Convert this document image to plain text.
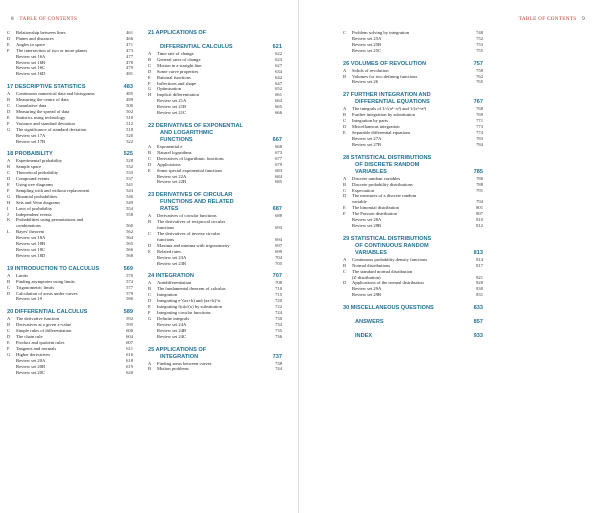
8 TABLE OF CONTENTS
C	Relationship between lines	461
D	Planes and distances	466
E	Angles in space	471
F	The intersection of two or more planes	473
Review set 16A	477
Review set 16B	478
Review set 16C	479
Review set 16D	481
17 DESCRIPTIVE STATISTICS	483
A	Continuous numerical data and histograms	485
B	Measuring the centre of data	489
C	Cumulative data	500
D	Measuring the spread of data	502
E	Statistics using technology	510
F	Variance and standard deviation	512
G	The significance of standard deviation	518
Review set 17A	520
Review set 17B	522
18 PROBABILITY	525
A	Experimental probability	528
B	Sample space	532
C	Theoretical probability	533
D	Compound events	537
E	Using tree diagrams	541
F	Sampling with and without replacement	543
G	Binomial probabilities	546
H	Sets and Venn diagrams	549
I	Laws of probability	554
J	Independent events	558
K	Probabilities using permutations and
combinations	560
L	Bayes' theorem	562
Review set 18A	564
Review set 18B	565
Review set 18C	566
Review set 18D	568
19 INTRODUCTION TO CALCULUS	569
A	Limits	570
B	Finding asymptotes using limits	574
C	Trigonometric limits	577
D	Calculation of areas under curves	579
Review set 19	586
20 DIFFERENTIAL CALCULUS	589
A	The derivative function	592
B	Derivatives at a given x-value	595
C	Simple rules of differentiation	600
D	The chain rule	604
E	Product and quotient rules	607
F	Tangents and normals	611
G	Higher derivatives	616
Review set 20A	618
Review set 20B	619
Review set 20C	620
21 APPLICATIONS OF
DIFFERENTIAL CALCULUS	621
A	Time rate of change	622
B	General rates of change	623
C	Motion in a straight line	627
D	Some curve properties	634
E	Rational functions	642
F	Inflections and shape	647
G	Optimisation	652
H	Implicit differentiation	661
Review set 21A	664
Review set 21B	665
Review set 21C	666
22 DERIVATIVES OF EXPONENTIAL
AND LOGARITHMIC
FUNCTIONS	667
A	Exponential e	668
B	Natural logarithms	673
C	Derivatives of logarithmic functions	677
D	Applications	679
E	Some special exponential functions	683
Review set 22A	684
Review set 22B	685
23 DERIVATIVES OF CIRCULAR
FUNCTIONS AND RELATED
RATES	687
A	Derivatives of circular functions	688
B	The derivatives of reciprocal circular
functions	693
C	The derivatives of inverse circular
functions	694
D	Maxima and minima with trigonometry	697
E	Related rates	699
Review set 23A	704
Review set 23B	705
24 INTEGRATION	707
A	Antidifferentiation	708
B	The fundamental theorem of calculus	710
C	Integration	715
D	Integrating e^(ax+b) and (ax+b)^n	720
E	Integrating f(u)u'(x) by substitution	722
F	Integrating circular functions	724
G	Definite integrals	730
Review set 24A	734
Review set 24B	735
Review set 24C	736
25 APPLICATIONS OF
INTEGRATION	737
A	Finding areas between curves	738
B	Motion problems	744
TABLE OF CONTENTS 9
C	Problem solving by integration	748
Review set 25A	752
Review set 25B	753
Review set 25C	755
26 VOLUMES OF REVOLUTION	757
A	Solids of revolution	758
B	Volumes for two defining functions	762
Review set 26	765
27 FURTHER INTEGRATION AND
DIFFERENTIAL EQUATIONS	767
A	The integrals of 1/√(a²−x²) and 1/(x²+a²)	768
B	Further integration by substitution	769
C	Integration by parts	771
D	Miscellaneous integration	773
E	Separable differential equations	774
Review set 27A	783
Review set 27B	784
28 STATISTICAL DISTRIBUTIONS
OF DISCRETE RANDOM
VARIABLES	785
A	Discrete random variables	786
B	Discrete probability distributions	788
C	Expectation	791
D	The measures of a discrete random
variable	794
E	The binomial distribution	801
F	The Poisson distribution	807
Review set 28A	810
Review set 28B	812
29 STATISTICAL DISTRIBUTIONS
OF CONTINUOUS RANDOM
VARIABLES	813
A	Continuous probability density functions	814
B	Normal distributions	817
C	The standard normal distribution
(Z-distribution)	821
D	Applications of the normal distribution	828
Review set 29A	830
Review set 29B	831
30 MISCELLANEOUS QUESTIONS	833
ANSWERS	857
INDEX	933
